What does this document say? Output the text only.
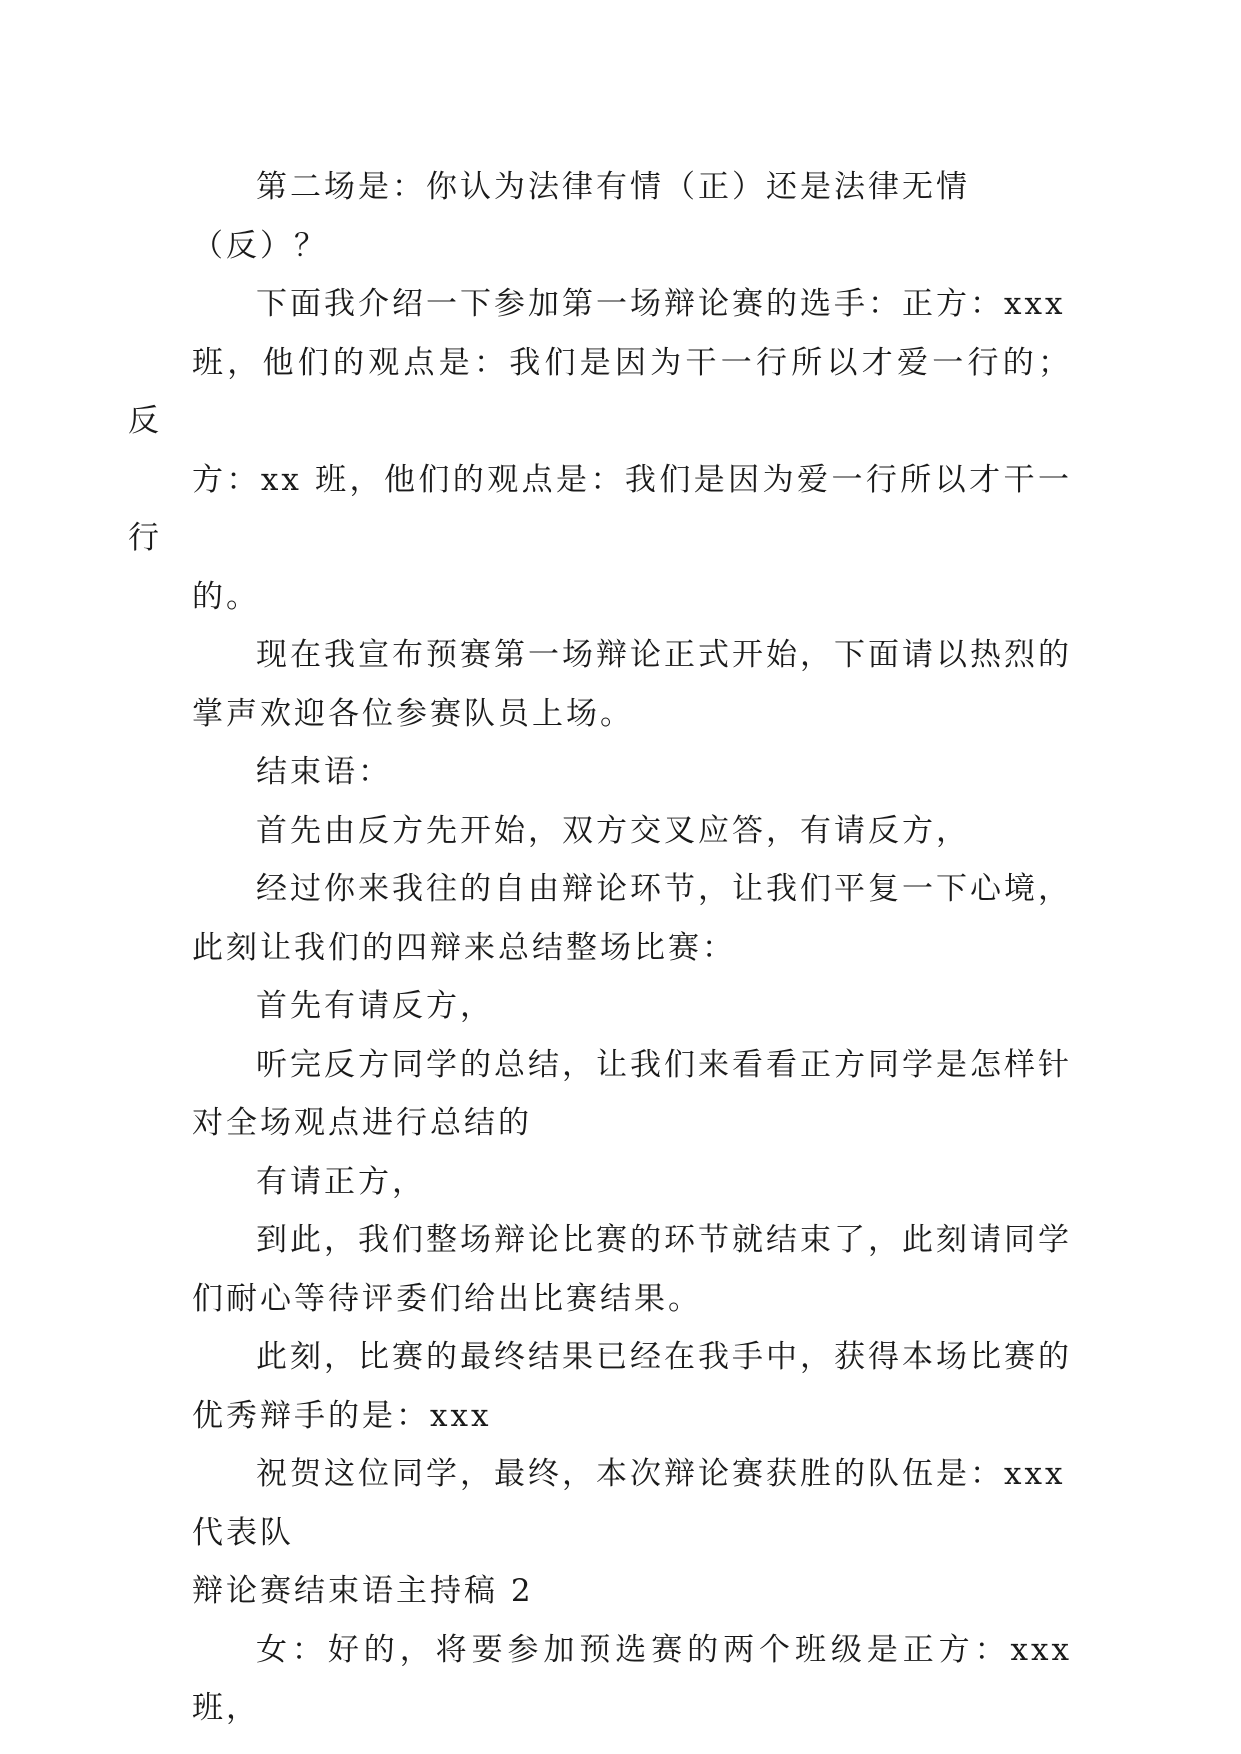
第二场是：你认为法律有情（正）还是法律无情
（反）？

下面我介绍一下参加第一场辩论赛的选手：正方：xxx
班，他们的观点是：我们是因为干一行所以才爱一行的；反
方：xx 班，他们的观点是：我们是因为爱一行所以才干一行
的。

现在我宣布预赛第一场辩论正式开始，下面请以热烈的
掌声欢迎各位参赛队员上场。

结束语：

首先由反方先开始，双方交叉应答，有请反方，

经过你来我往的自由辩论环节，让我们平复一下心境，
此刻让我们的四辩来总结整场比赛：

首先有请反方，

听完反方同学的总结，让我们来看看正方同学是怎样针
对全场观点进行总结的

有请正方，

到此，我们整场辩论比赛的环节就结束了，此刻请同学
们耐心等待评委们给出比赛结果。

此刻，比赛的最终结果已经在我手中，获得本场比赛的
优秀辩手的是：xxx

祝贺这位同学，最终，本次辩论赛获胜的队伍是：xxx
代表队

辩论赛结束语主持稿 2

女：好的，将要参加预选赛的两个班级是正方：xxx 班，
